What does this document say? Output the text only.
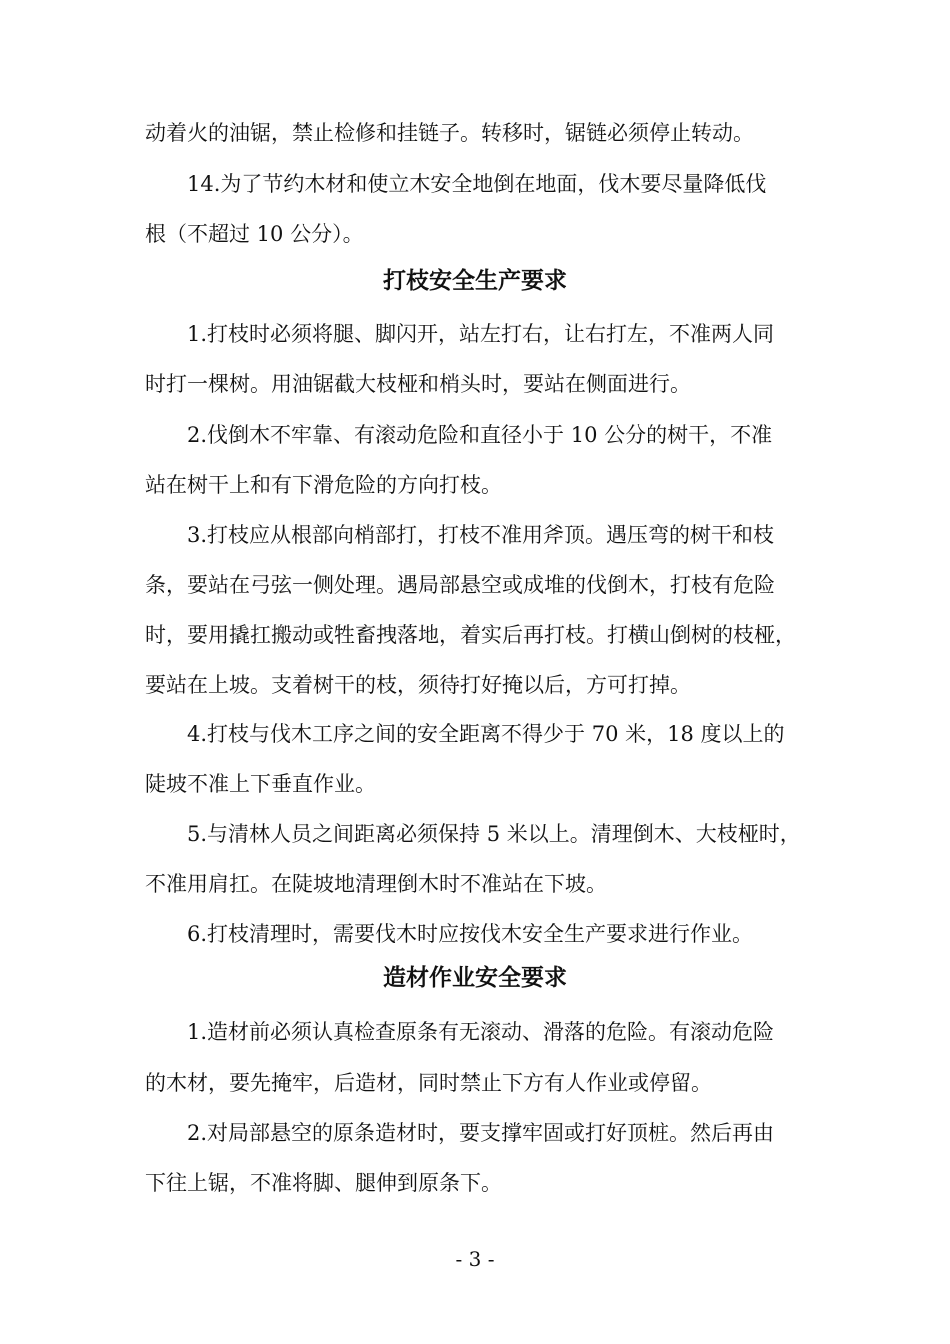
动着火的油锯，禁止检修和挂链子。转移时，锯链必须停止转动。
14.为了节约木材和使立木安全地倒在地面，伐木要尽量降低伐
根（不超过 10 公分）。
打枝安全生产要求
1.打枝时必须将腿、脚闪开，站左打右，让右打左，不准两人同
时打一棵树。用油锯截大枝桠和梢头时，要站在侧面进行。
2.伐倒木不牢靠、有滚动危险和直径小于 10 公分的树干，不准
站在树干上和有下滑危险的方向打枝。
3.打枝应从根部向梢部打，打枝不准用斧顶。遇压弯的树干和枝
条，要站在弓弦一侧处理。遇局部悬空或成堆的伐倒木，打枝有危险
时，要用撬扛搬动或牲畜拽落地，着实后再打枝。打横山倒树的枝桠，
要站在上坡。支着树干的枝，须待打好掩以后，方可打掉。
4.打枝与伐木工序之间的安全距离不得少于 70 米，18 度以上的
陡坡不准上下垂直作业。
5.与清林人员之间距离必须保持 5 米以上。清理倒木、大枝桠时，
不准用肩扛。在陡坡地清理倒木时不准站在下坡。
6.打枝清理时，需要伐木时应按伐木安全生产要求进行作业。
造材作业安全要求
1.造材前必须认真检查原条有无滚动、滑落的危险。有滚动危险
的木材，要先掩牢，后造材，同时禁止下方有人作业或停留。
2.对局部悬空的原条造材时，要支撑牢固或打好顶桩。然后再由
下往上锯，不准将脚、腿伸到原条下。
- 3 -
